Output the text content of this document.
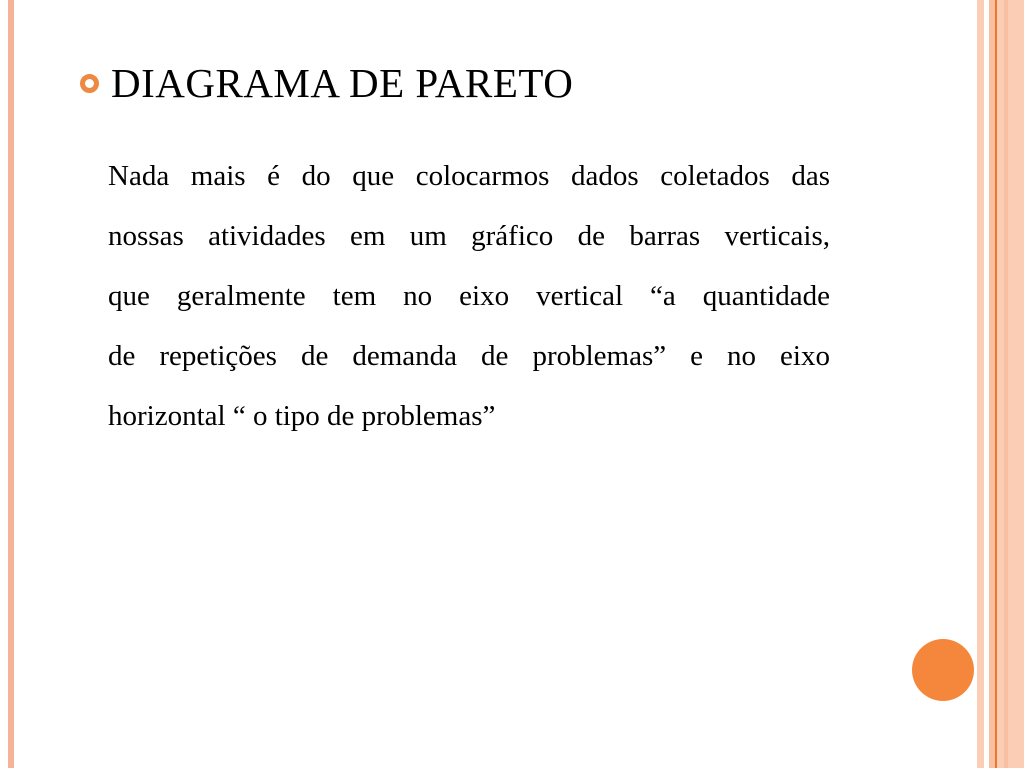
DIAGRAMA DE PARETO
Nada mais é do que colocarmos dados coletados das
nossas atividades em um gráfico de barras verticais,
que geralmente tem no eixo vertical “a quantidade
de repetições de demanda de problemas” e no eixo
horizontal “ o tipo de problemas”
